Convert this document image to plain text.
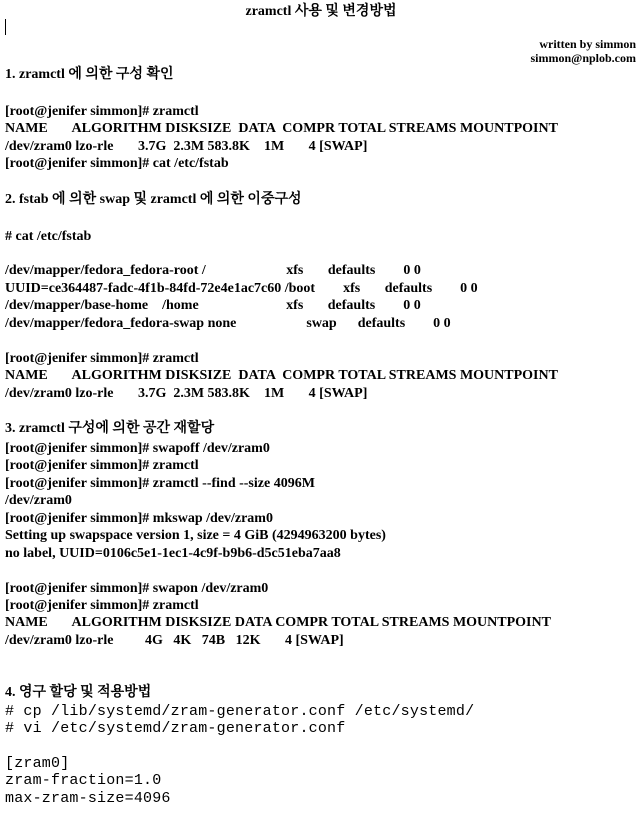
zramctl 사용 및 변경방법
written by simmon
simmon@nplob.com
1. zramctl 에 의한 구성 확인
[root@jenifer simmon]# zramctl
NAME       ALGORITHM DISKSIZE  DATA  COMPR TOTAL STREAMS MOUNTPOINT
/dev/zram0 lzo-rle       3.7G  2.3M 583.8K    1M       4 [SWAP]
[root@jenifer simmon]# cat /etc/fstab
2. fstab 에 의한 swap 및 zramctl 에 의한 이중구성
# cat /etc/fstab
/dev/mapper/fedora_fedora-root /                       xfs       defaults        0 0
UUID=ce364487-fadc-4f1b-84fd-72e4e1ac7c60 /boot        xfs       defaults        0 0
/dev/mapper/base-home    /home                         xfs       defaults        0 0
/dev/mapper/fedora_fedora-swap none                    swap      defaults        0 0
[root@jenifer simmon]# zramctl
NAME       ALGORITHM DISKSIZE  DATA  COMPR TOTAL STREAMS MOUNTPOINT
/dev/zram0 lzo-rle       3.7G  2.3M 583.8K    1M       4 [SWAP]
3. zramctl 구성에 의한 공간 재할당
[root@jenifer simmon]# swapoff /dev/zram0
[root@jenifer simmon]# zramctl
[root@jenifer simmon]# zramctl --find --size 4096M
/dev/zram0
[root@jenifer simmon]# mkswap /dev/zram0
Setting up swapspace version 1, size = 4 GiB (4294963200 bytes)
no label, UUID=0106c5e1-1ec1-4c9f-b9b6-d5c51eba7aa8
[root@jenifer simmon]# swapon /dev/zram0
[root@jenifer simmon]# zramctl
NAME       ALGORITHM DISKSIZE DATA COMPR TOTAL STREAMS MOUNTPOINT
/dev/zram0 lzo-rle         4G   4K   74B   12K       4 [SWAP]
4. 영구 할당 및 적용방법
# cp /lib/systemd/zram-generator.conf /etc/systemd/
# vi /etc/systemd/zram-generator.conf
[zram0]
zram-fraction=1.0
max-zram-size=4096
